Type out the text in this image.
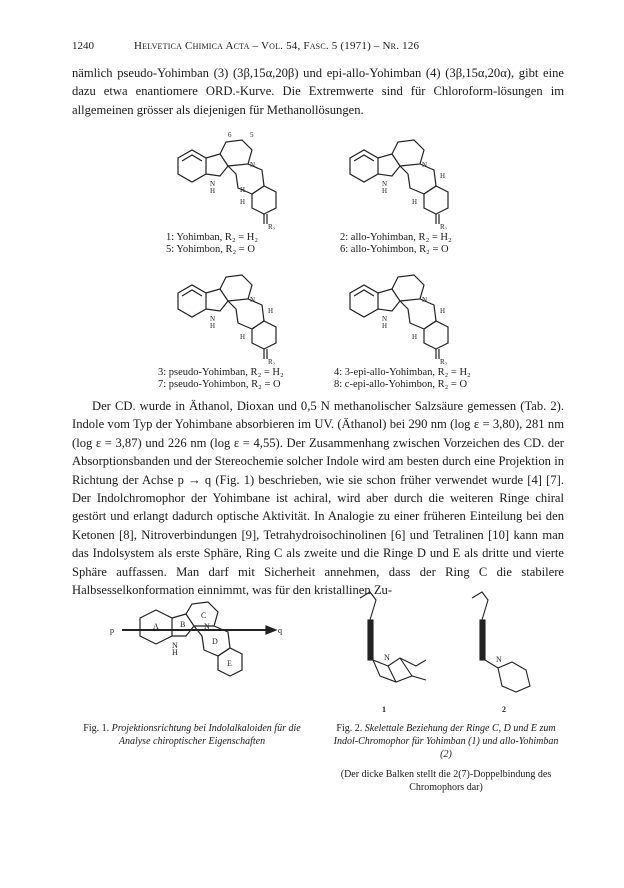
1240	Helvetica Chimica Acta – Vol. 54, Fasc. 5 (1971) – Nr. 126
nämlich pseudo-Yohimban (3) (3β,15α,20β) und epi-allo-Yohimban (4) (3β,15α,20α), gibt eine dazu etwa enantiomere ORD.-Kurve. Die Extremwerte sind für Chloroform-lösungen im allgemeinen grösser als diejenigen für Methanollösungen.
N
H
N
R₂
6	5
H
H
1: Yohimban, R₂ = H₂
5: Yohimbon, R₂ = O
N
H
N
R₂
H
H
2: allo-Yohimban, R₂ = H₂
6: allo-Yohimbon, R₂ = O
N
H
N
R₂
H
H
3: pseudo-Yohimban, R₂ = H₂
7: pseudo-Yohimbon, R₂ = O
N
H
N
R₂
H
H
4: 3-epi-allo-Yohimban, R₂ = H₂
8: c-epi-allo-Yohimbon, R₂ = O
Der CD. wurde in Äthanol, Dioxan und 0,5 N methanolischer Salzsäure gemessen (Tab. 2). Indole vom Typ der Yohimbane absorbieren im UV. (Äthanol) bei 290 nm (log ε = 3,80), 281 nm (log ε = 3,87) und 226 nm (log ε = 4,55). Der Zusammenhang zwischen Vorzeichen des CD. der Absorptionsbanden und der Stereochemie solcher Indole wird am besten durch eine Projektion in Richtung der Achse p → q (Fig. 1) beschrieben, wie sie schon früher verwendet wurde [4] [7]. Der Indolchromophor der Yohimbane ist achiral, wird aber durch die weiteren Ringe chiral gestört und erlangt dadurch optische Aktivität. In Analogie zu einer früheren Einteilung bei den Ketonen [8], Nitroverbindungen [9], Tetrahydroisochinolinen [6] und Tetralinen [10] kann man das Indolsystem als erste Sphäre, Ring C als zweite und die Ringe D und E als dritte und vierte Sphäre auffassen. Man darf mit Sicherheit annehmen, dass der Ring C die stabilere Halbsesselkonformation einnimmt, was für den kristallinen Zu-
p	q
A	B
C
D
E
N
N
H
Fig. 1. Projektionsrichtung bei Indolalkaloiden für die Analyse chiroptischer Eigenschaften
N	N
1	2
Fig. 2. Skelettale Beziehung der Ringe C, D und E zum Indol-Chromophor für Yohimban (1) und allo-Yohimban (2)
(Der dicke Balken stellt die 2(7)-Doppelbindung des Chromophors dar)
